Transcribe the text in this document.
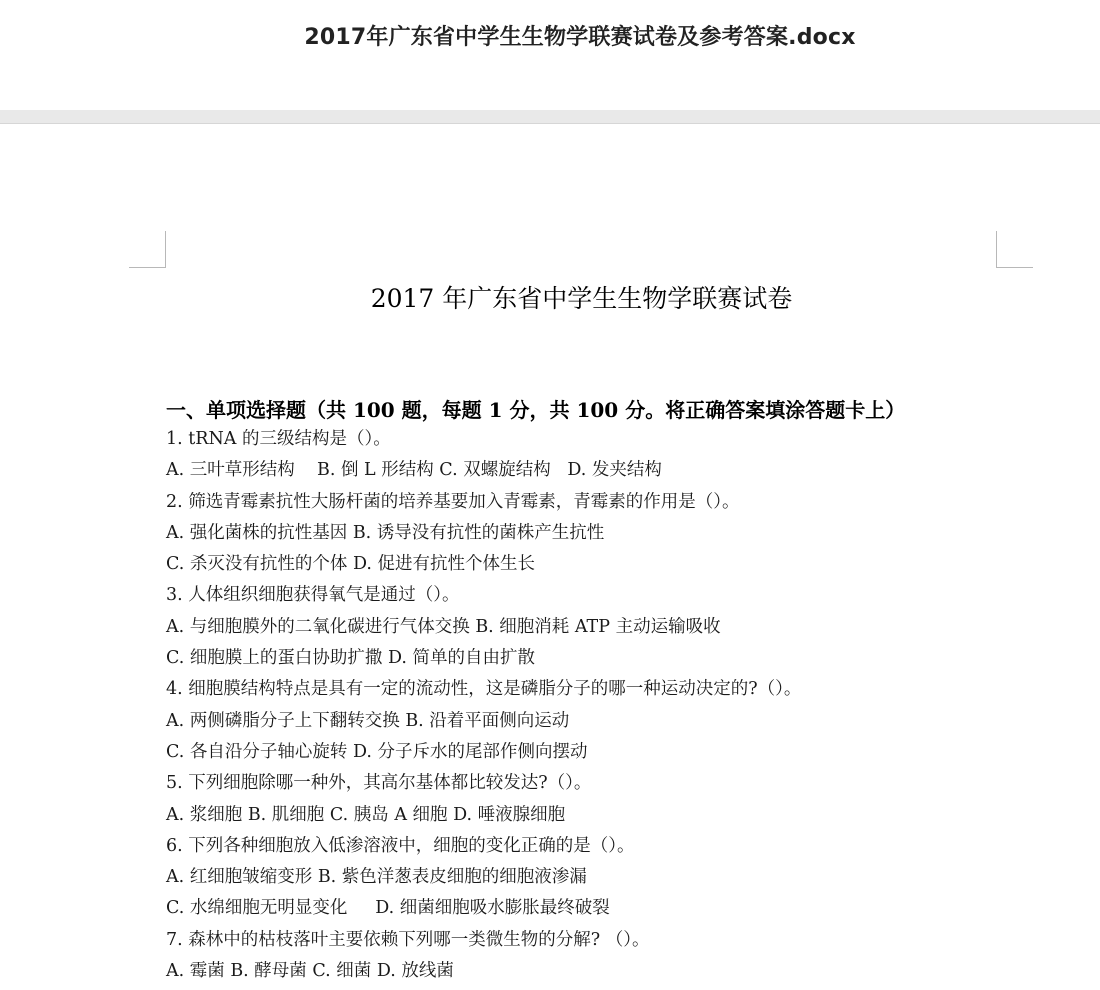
2017年广东省中学生生物学联赛试卷及参考答案.docx
2017 年广东省中学生生物学联赛试卷
一、单项选择题（共 100 题，每题 1 分，共 100 分。将正确答案填涂答题卡上）
1. tRNA 的三级结构是（）。
A. 三叶草形结构    B. 倒 L 形结构 C. 双螺旋结构   D. 发夹结构
2. 筛选青霉素抗性大肠杆菌的培养基要加入青霉素，青霉素的作用是（）。
A. 强化菌株的抗性基因 B. 诱导没有抗性的菌株产生抗性
C. 杀灭没有抗性的个体 D. 促进有抗性个体生长
3. 人体组织细胞获得氧气是通过（）。
A. 与细胞膜外的二氧化碳进行气体交换 B. 细胞消耗 ATP 主动运输吸收
C. 细胞膜上的蛋白协助扩撒 D. 简单的自由扩散
4. 细胞膜结构特点是具有一定的流动性，这是磷脂分子的哪一种运动决定的?（）。
A. 两侧磷脂分子上下翻转交换 B. 沿着平面侧向运动
C. 各自沿分子轴心旋转 D. 分子斥水的尾部作侧向摆动
5. 下列细胞除哪一种外，其高尔基体都比较发达?（）。
A. 浆细胞 B. 肌细胞 C. 胰岛 A 细胞 D. 唾液腺细胞
6. 下列各种细胞放入低渗溶液中，细胞的变化正确的是（）。
A. 红细胞皱缩变形 B. 紫色洋葱表皮细胞的细胞液渗漏
C. 水绵细胞无明显变化     D. 细菌细胞吸水膨胀最终破裂
7. 森林中的枯枝落叶主要依赖下列哪一类微生物的分解? （）。
A. 霉菌 B. 酵母菌 C. 细菌 D. 放线菌
